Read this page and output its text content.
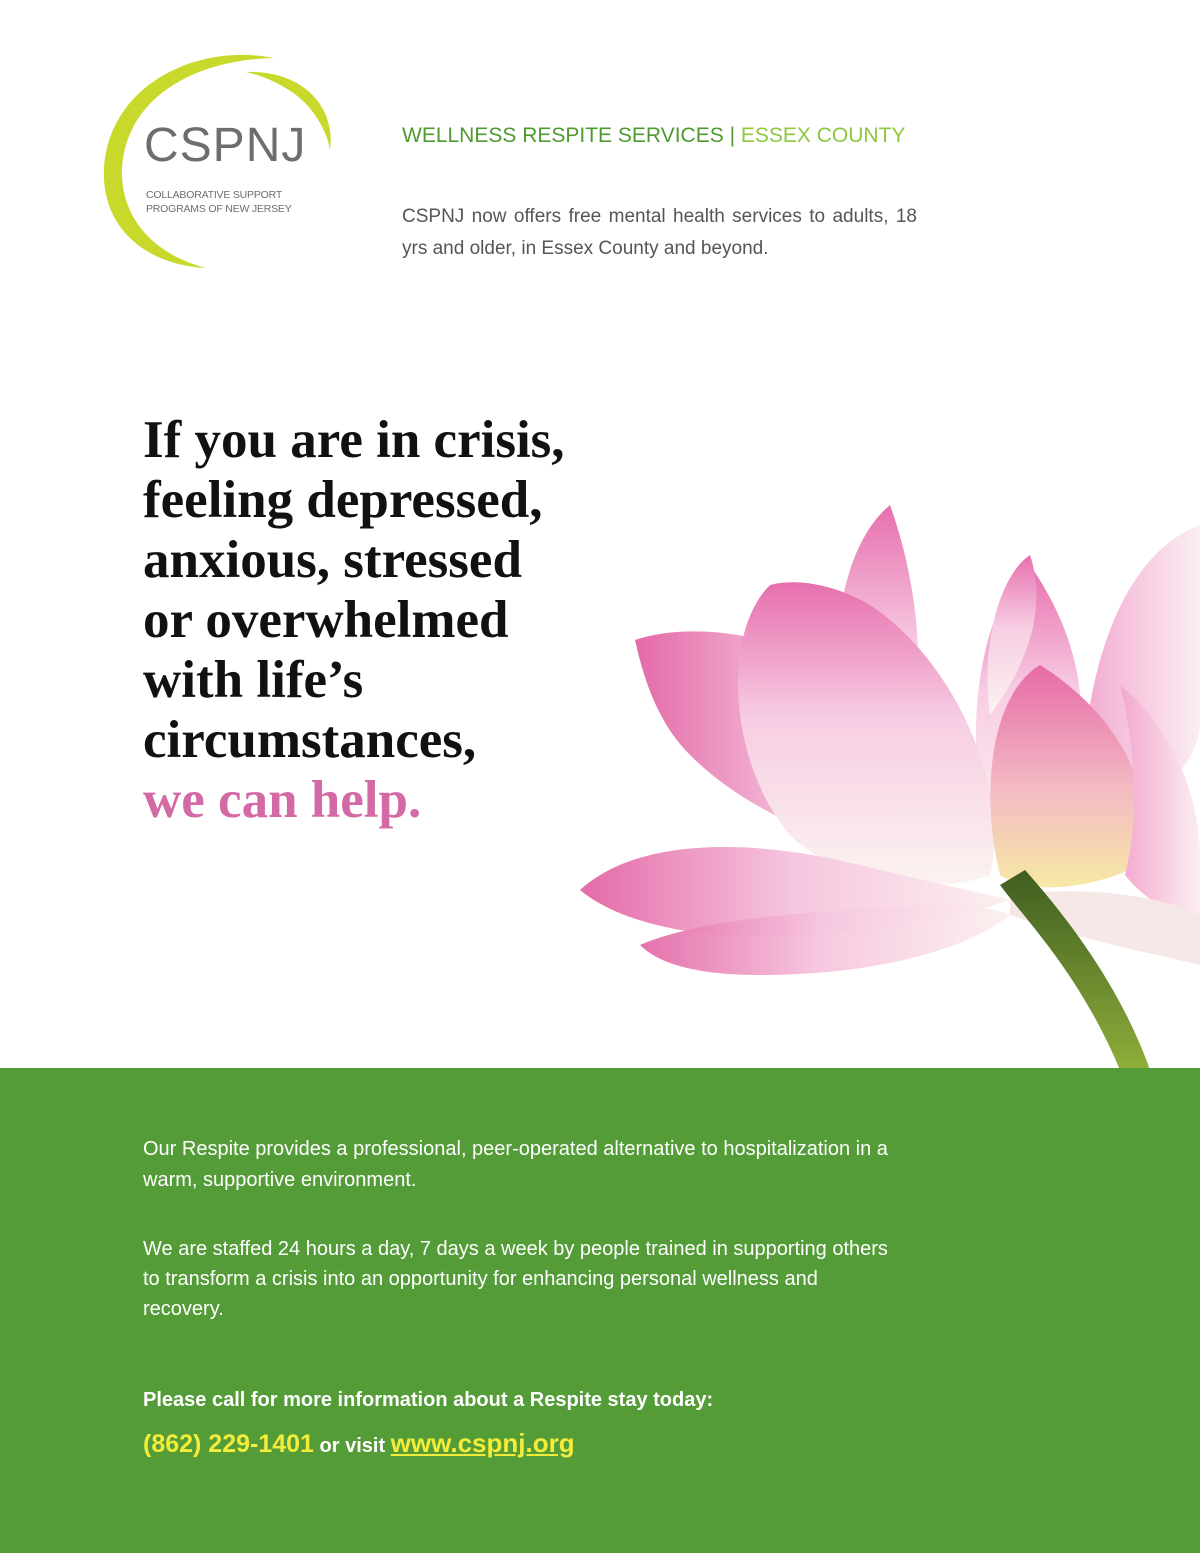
CSPNJ
COLLABORATIVE SUPPORT
PROGRAMS OF NEW JERSEY
WELLNESS RESPITE SERVICES | ESSEX COUNTY
CSPNJ now offers free mental health services to adults, 18 yrs and older, in Essex County and beyond.
If you are in crisis,
feeling depressed,
anxious, stressed
or overwhelmed
with life’s
circumstances,
we can help.
Our Respite provides a professional, peer-operated alternative to hospitalization in a warm, supportive environment.
We are staffed 24 hours a day, 7 days a week by people trained in supporting others to transform a crisis into an opportunity for enhancing personal wellness and recovery.
Please call for more information about a Respite stay today:
(862) 229-1401 or visit www.cspnj.org
